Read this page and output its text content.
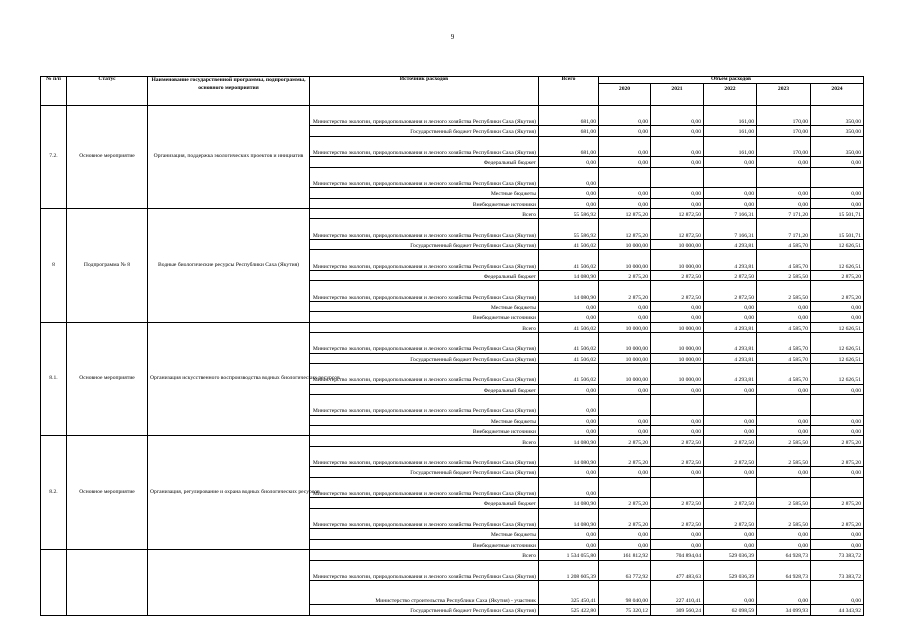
9
№ п/п	Статус	Наименование государственной программы, подпрограммы, основного мероприятия	Источник расходов	Всего	Объем расходов				
					2020	2021	2022	2023	2024
7.2.	Основное мероприятие	Организация, поддержка экологических проектов и инициатив	Министерство экологии, природопользования и лесного хозяйства Республики Саха (Якутия)	681,00	0,00	0,00	161,00	170,00	350,00
			Государственный бюджет Республики Саха (Якутия)	681,00	0,00	0,00	161,00	170,00	350,00
			Министерство экологии, природопользования и лесного хозяйства Республики Саха (Якутия)	681,00	0,00	0,00	161,00	170,00	350,00
			Федеральный бюджет	0,00	0,00	0,00	0,00	0,00	0,00
			Министерство экологии, природопользования и лесного хозяйства Республики Саха (Якутия)	0,00					
			Местные бюджеты	0,00	0,00	0,00	0,00	0,00	0,00
			Внебюджетные источники	0,00	0,00	0,00	0,00	0,00	0,00
8	Подпрограмма № 8	Водные биологические ресурсы Республики Саха (Якутия)	Всего	55 586,92	12 875,20	12 872,50	7 166,31	7 171,20	15 501,71
			Министерство экологии, природопользования и лесного хозяйства Республики Саха (Якутия)	55 586,92	12 875,20	12 872,50	7 166,31	7 171,20	15 501,71
			Государственный бюджет Республики Саха (Якутия)	41 506,02	10 000,00	10 000,00	4 293,81	4 585,70	12 626,51
			Министерство экологии, природопользования и лесного хозяйства Республики Саха (Якутия)	41 506,02	10 000,00	10 000,00	4 293,81	4 585,70	12 626,51
			Федеральный бюджет	14 080,90	2 875,20	2 872,50	2 872,50	2 585,50	2 875,20
			Министерство экологии, природопользования и лесного хозяйства Республики Саха (Якутия)	14 080,90	2 875,20	2 872,50	2 872,50	2 585,50	2 875,20
			Местные бюджеты	0,00	0,00	0,00	0,00	0,00	0,00
			Внебюджетные источники	0,00	0,00	0,00	0,00	0,00	0,00
8.1.	Основное мероприятие	Организация искусственного воспроизводства водных биологических ресурсов	Всего	41 506,02	10 000,00	10 000,00	4 293,81	4 585,70	12 626,51
			Министерство экологии, природопользования и лесного хозяйства Республики Саха (Якутия)	41 506,02	10 000,00	10 000,00	4 293,81	4 585,70	12 626,51
			Государственный бюджет Республики Саха (Якутия)	41 506,02	10 000,00	10 000,00	4 293,81	4 585,70	12 626,51
			Министерство экологии, природопользования и лесного хозяйства Республики Саха (Якутия)	41 506,02	10 000,00	10 000,00	4 293,81	4 585,70	12 626,51
			Федеральный бюджет	0,00	0,00	0,00	0,00	0,00	0,00
			Министерство экологии, природопользования и лесного хозяйства Республики Саха (Якутия)	0,00					
			Местные бюджеты	0,00	0,00	0,00	0,00	0,00	0,00
			Внебюджетные источники	0,00	0,00	0,00	0,00	0,00	0,00
8.2.	Основное мероприятие	Организация, регулирование и охрана водных биологических ресурсов	Всего	14 080,90	2 875,20	2 872,50	2 872,50	2 585,50	2 875,20
			Министерство экологии, природопользования и лесного хозяйства Республики Саха (Якутия)	14 080,90	2 875,20	2 872,50	2 872,50	2 585,50	2 875,20
			Государственный бюджет Республики Саха (Якутия)	0,00	0,00	0,00	0,00	0,00	0,00
			Министерство экологии, природопользования и лесного хозяйства Республики Саха (Якутия)	0,00					
			Федеральный бюджет	14 080,90	2 875,20	2 872,50	2 872,50	2 585,50	2 875,20
			Министерство экологии, природопользования и лесного хозяйства Республики Саха (Якутия)	14 080,90	2 875,20	2 872,50	2 872,50	2 585,50	2 875,20
			Местные бюджеты	0,00	0,00	0,00	0,00	0,00	0,00
			Внебюджетные источники	0,00	0,00	0,00	0,00	0,00	0,00
			Всего	1 534 055,80	161 812,92	704 894,04	529 036,39	64 928,73	73 383,72
			Министерство экологии, природопользования и лесного хозяйства Республики Саха (Якутия)	1 208 605,39	63 772,92	477 483,63	529 036,39	64 928,73	73 383,72
			Министерство строительства Республики Саха (Якутия) - участник	325 450,41	98 040,00	227 410,41	0,00	0,00	0,00
			Государственный бюджет Республики Саха (Якутия)	525 422,80	75 320,12	309 560,24	62 098,59	34 099,93	44 343,92
